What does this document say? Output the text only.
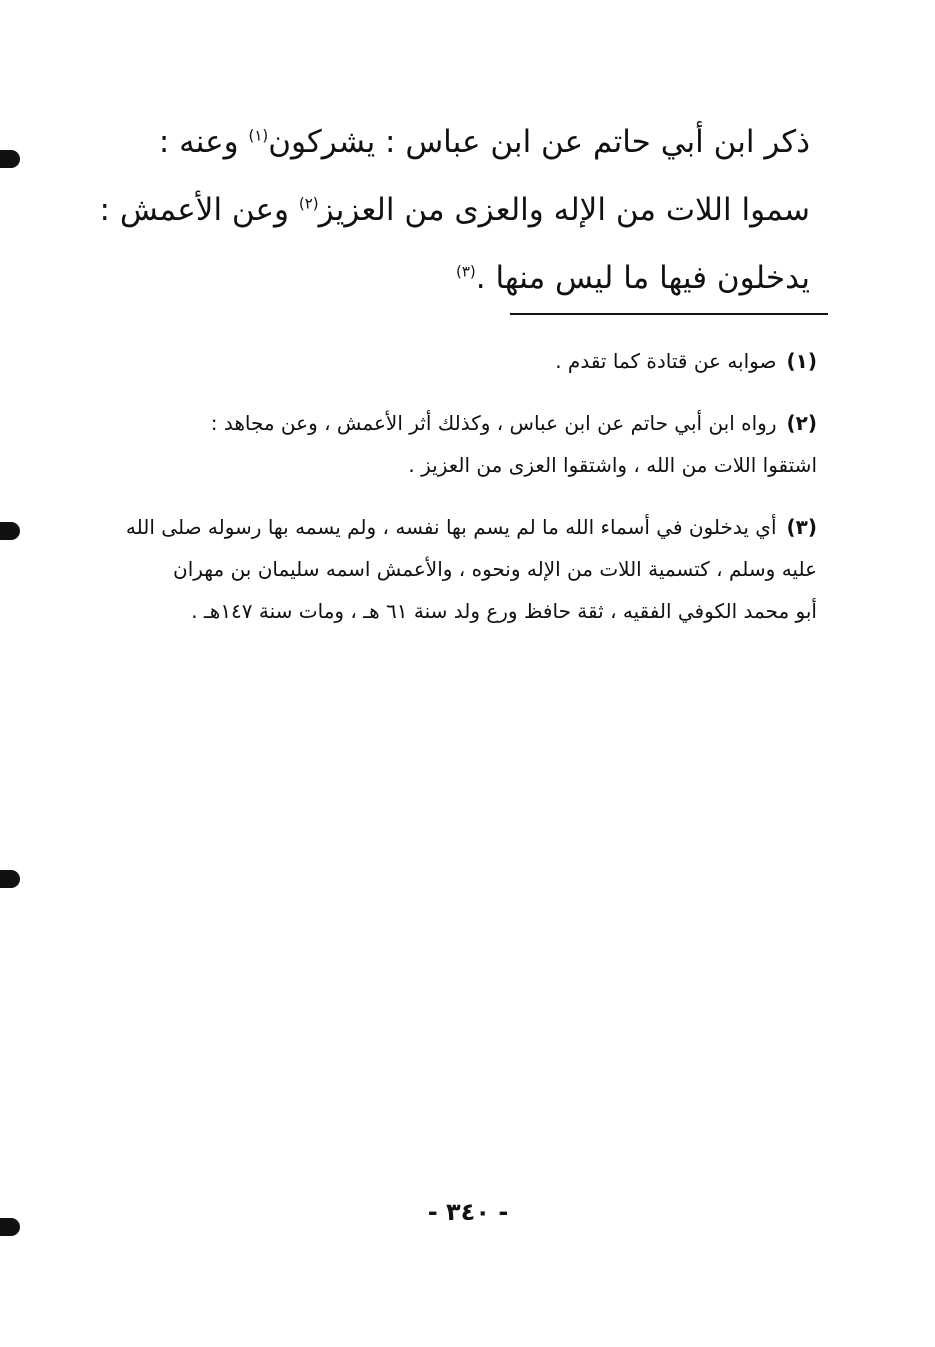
ذكر ابن أبي حاتم عن ابن عباس : يشركون$^{(١)}$ وعنه :
سموا اللات من الإله والعزى من العزيز$^{(٢)}$ وعن الأعمش :
يدخلون فيها ما ليس منها .$^{(٣)}$
(١)صوابه عن قتادة كما تقدم .
(٢)رواه ابن أبي حاتم عن ابن عباس ، وكذلك أثر الأعمش ، وعن مجاهد :
اشتقوا اللات من الله ، واشتقوا العزى من العزيز .
(٣)أي يدخلون في أسماء الله ما لم يسم بها نفسه ، ولم يسمه بها رسوله صلى الله
عليه وسلم ، كتسمية اللات من الإله ونحوه ، والأعمش اسمه سليمان بن مهران
أبو محمد الكوفي الفقيه ، ثقة حافظ ورع ولد سنة ٦١ هـ ، ومات سنة ١٤٧هـ .
- ٣٤٠ -
